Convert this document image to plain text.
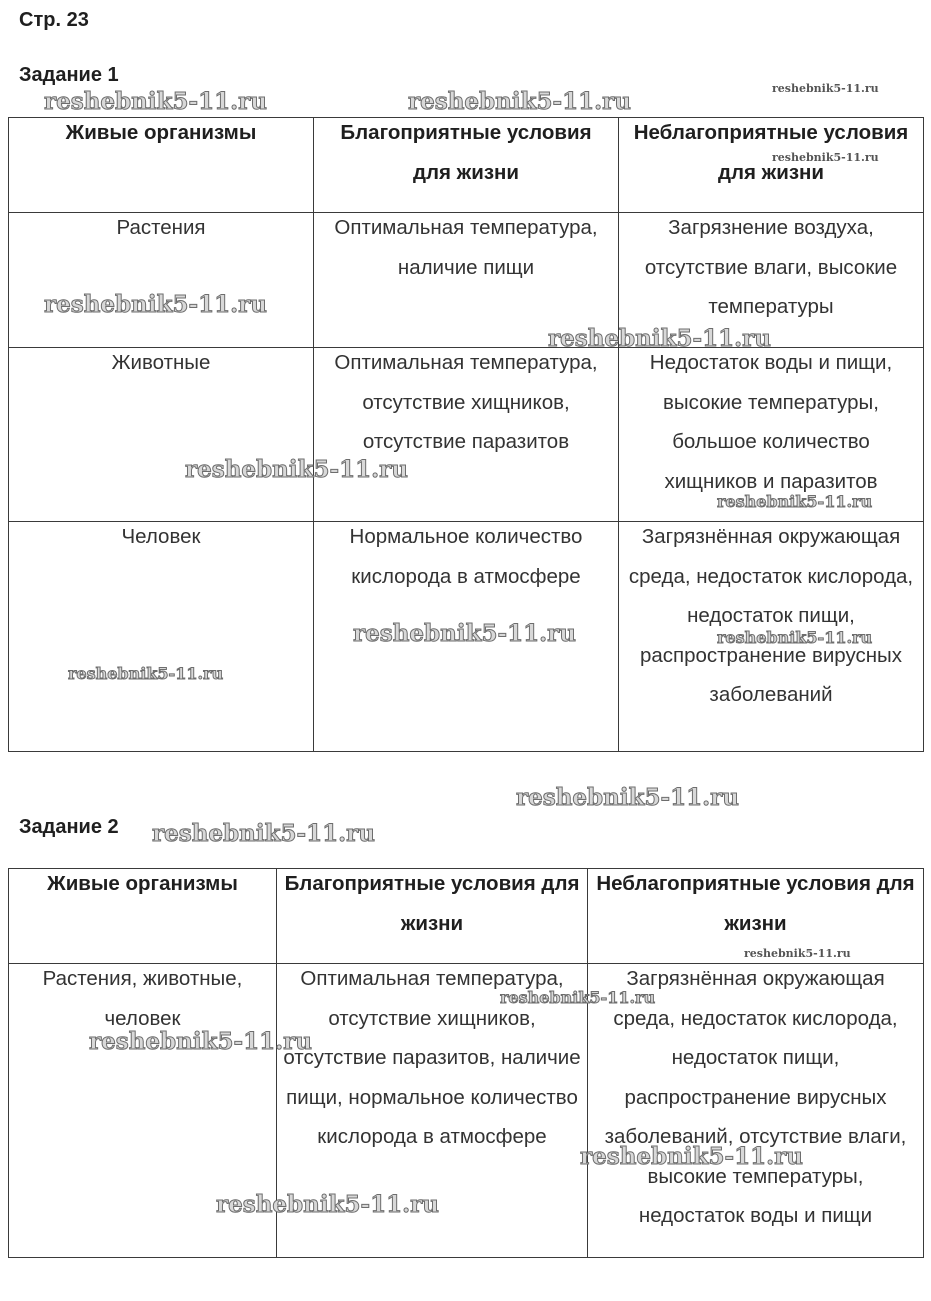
Стр. 23
Задание 1
Живые организмы	Благоприятные условия для жизни	Неблагоприятные условия для жизни

Растения	Оптимальная температура, наличие пищи	Загрязнение воздуха, отсутствие влаги, высокие температуры

Животные	Оптимальная температура, отсутствие хищников, отсутствие паразитов	Недостаток воды и пищи, высокие температуры, большое количество хищников и паразитов

Человек	Нормальное количество кислорода в атмосфере	Загрязнённая окружающая среда, недостаток кислорода, недостаток пищи, распространение вирусных заболеваний
Задание 2
Живые организмы	Благоприятные условия для жизни	Неблагоприятные условия для жизни

Растения, животные, человек	Оптимальная температура, отсутствие хищников, отсутствие паразитов, наличие пищи, нормальное количество кислорода в атмосфере	Загрязнённая окружающая среда, недостаток кислорода, недостаток пищи, распространение вирусных заболеваний, отсутствие влаги, высокие температуры, недостаток воды и пищи
reshebnik5-11.ru	reshebnik5-11.ru	reshebnik5-11.ru
reshebnik5-11.ru
reshebnik5-11.ru
reshebnik5-11.ru
reshebnik5-11.ru
reshebnik5-11.ru
reshebnik5-11.ru	reshebnik5-11.ru
reshebnik5-11.ru
reshebnik5-11.ru
reshebnik5-11.ru
reshebnik5-11.ru
reshebnik5-11.ru
reshebnik5-11.ru
reshebnik5-11.ru
reshebnik5-11.ru
